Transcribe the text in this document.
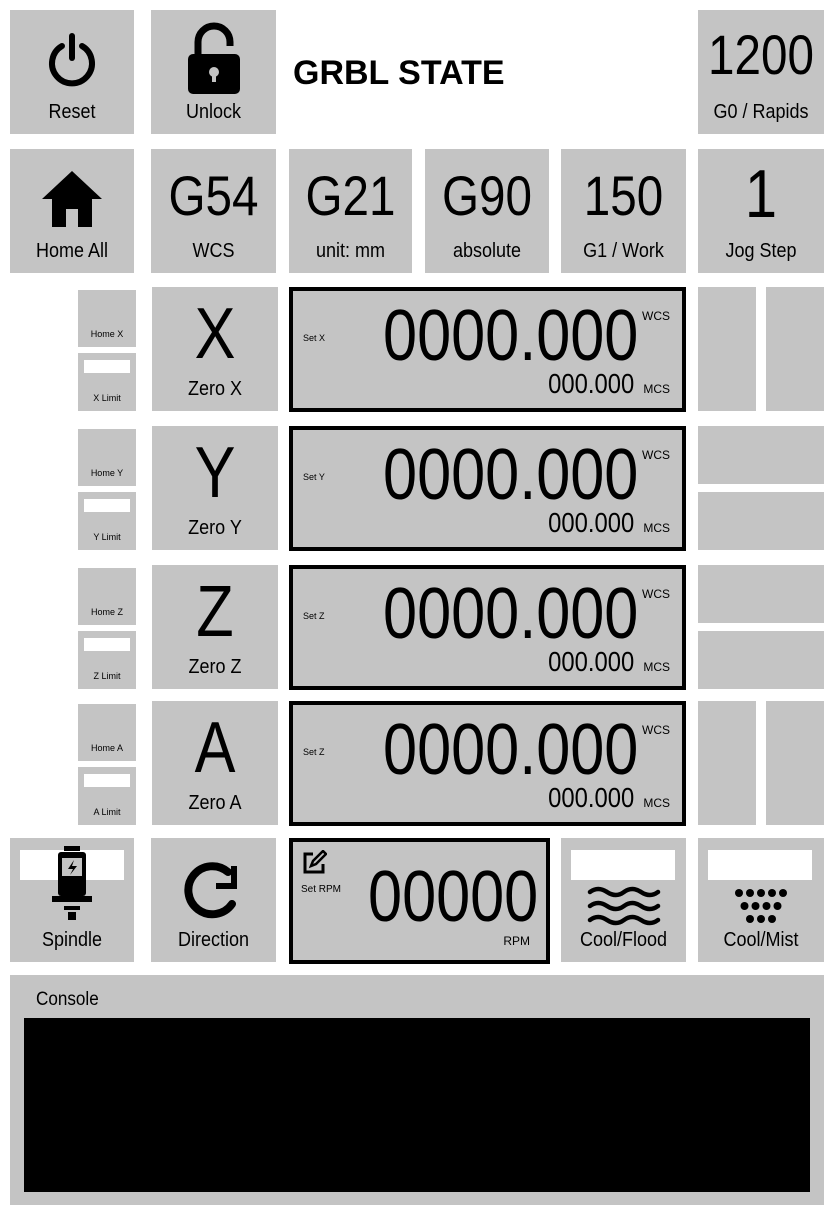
Reset	Unlock
GRBL STATE	1200
G0 / Rapids
Home All
G54
WCS
G21
unit: mm
G90
absolute
150
G1 / Work
1
Jog Step
Home X
X Limit
X
Zero X
Set X 0000.000 WCS
000.000 MCS
Home Y
Y Limit
Y
Zero Y
Set Y 0000.000 WCS
000.000 MCS
Home Z
Z Limit
Z
Zero Z
Set Z 0000.000 WCS
000.000 MCS
Home A
A Limit
A
Zero A
Set Z 0000.000 WCS
000.000 MCS
Spindle	Direction
Set RPM 00000
RPM	Cool/Flood	Cool/Mist
Console
